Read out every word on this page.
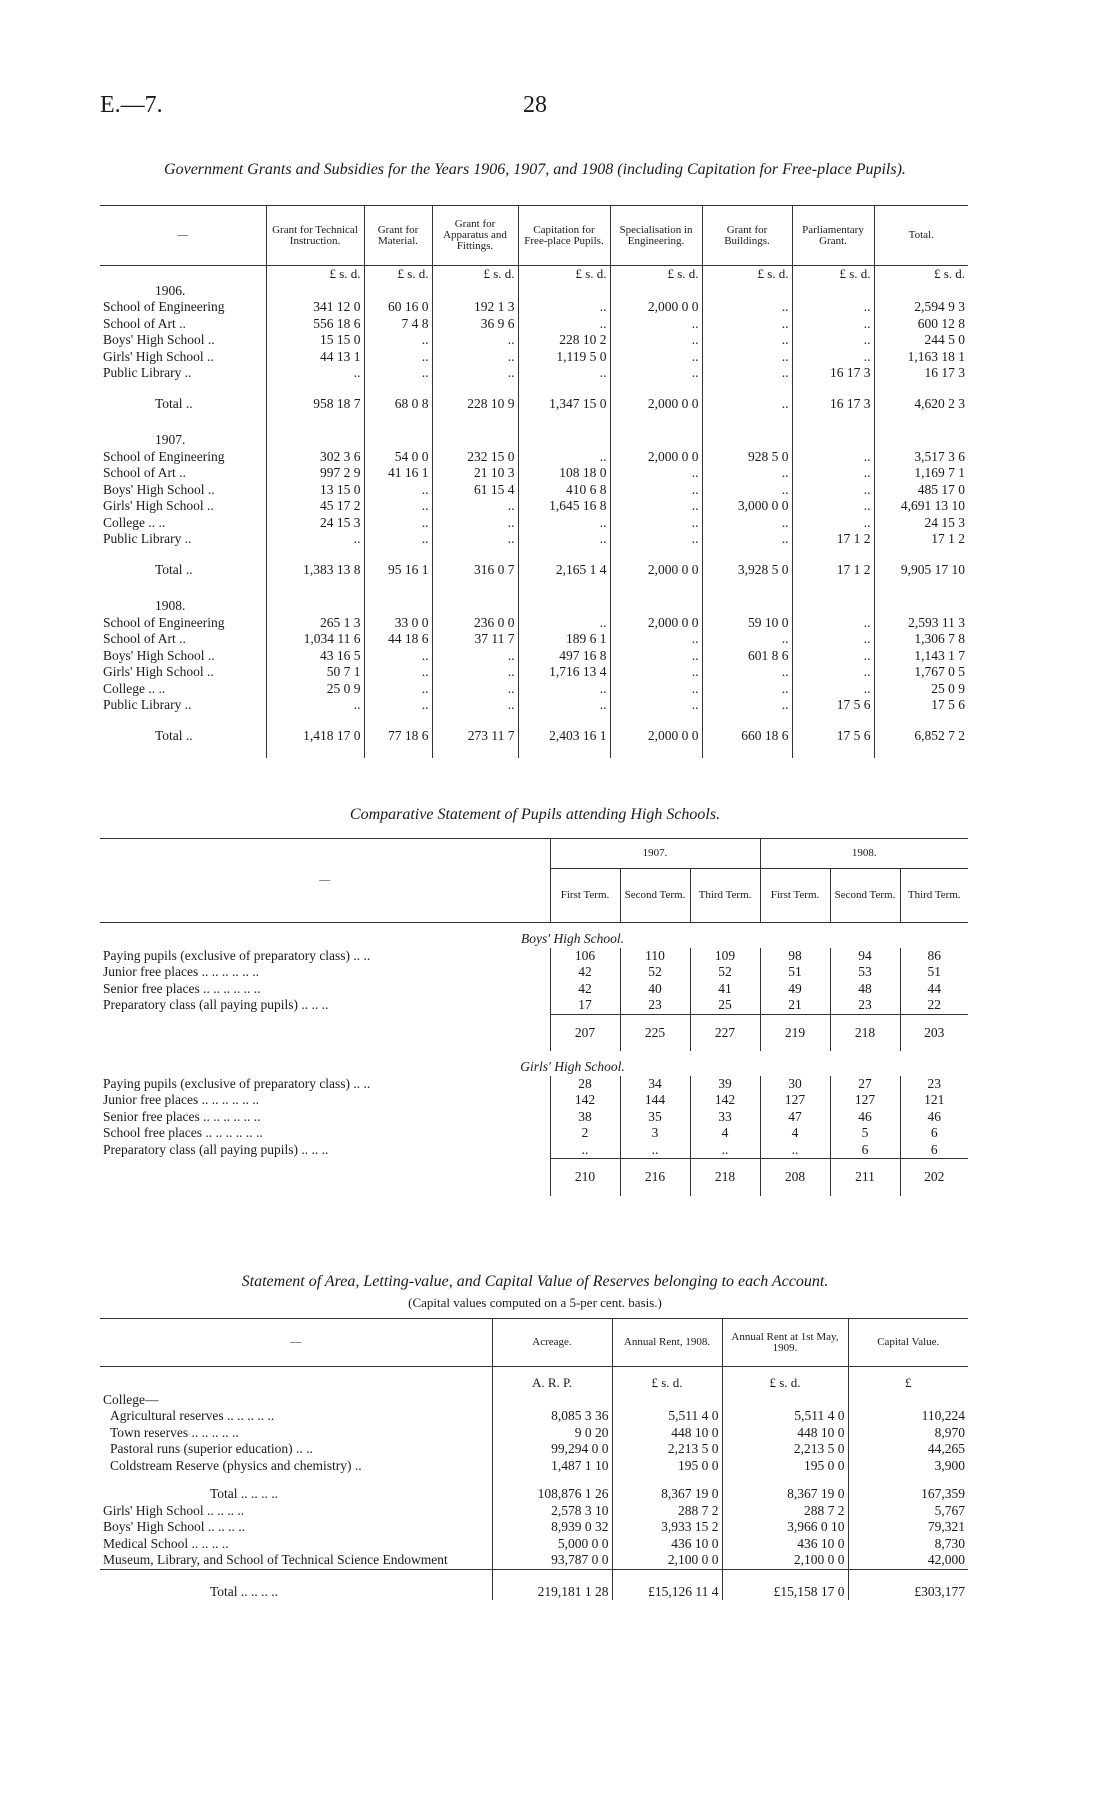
E.—7.	28
Government Grants and Subsidies for the Years 1906, 1907, and 1908 (including Capitation for Free-place Pupils).
—	Grant for Technical Instruction.	Grant for Material.	Grant for Apparatus and Fittings.	Capitation for Free-place Pupils.	Specialisation in Engineering.	Grant for Buildings.	Parliamentary Grant.	Total.
	£ s. d.	£ s. d.	£ s. d.	£ s. d.	£ s. d.	£ s. d.	£ s. d.	£ s. d.
1906.								
School of Engineering	341 12 0	60 16 0	192 1 3	..	2,000 0 0	..	..	2,594 9 3
School of Art ..	556 18 6	7 4 8	36 9 6	..	..	..	..	600 12 8
Boys' High School ..	15 15 0	..	..	228 10 2	..	..	..	244 5 0
Girls' High School ..	44 13 1	..	..	1,119 5 0	..	..	..	1,163 18 1
Public Library ..	..	..	..	..	..	..	16 17 3	16 17 3
Total ..	958 18 7	68 0 8	228 10 9	1,347 15 0	2,000 0 0	..	16 17 3	4,620 2 3
1907.								
School of Engineering	302 3 6	54 0 0	232 15 0	..	2,000 0 0	928 5 0	..	3,517 3 6
School of Art ..	997 2 9	41 16 1	21 10 3	108 18 0	..	..	..	1,169 7 1
Boys' High School ..	13 15 0	..	61 15 4	410 6 8	..	..	..	485 17 0
Girls' High School ..	45 17 2	..	..	1,645 16 8	..	3,000 0 0	..	4,691 13 10
College .. ..	24 15 3	..	..	..	..	..	..	24 15 3
Public Library ..	..	..	..	..	..	..	17 1 2	17 1 2
Total ..	1,383 13 8	95 16 1	316 0 7	2,165 1 4	2,000 0 0	3,928 5 0	17 1 2	9,905 17 10
1908.								
School of Engineering	265 1 3	33 0 0	236 0 0	..	2,000 0 0	59 10 0	..	2,593 11 3
School of Art ..	1,034 11 6	44 18 6	37 11 7	189 6 1	..	..	..	1,306 7 8
Boys' High School ..	43 16 5	..	..	497 16 8	..	601 8 6	..	1,143 1 7
Girls' High School ..	50 7 1	..	..	1,716 13 4	..	..	..	1,767 0 5
College .. ..	25 0 9	..	..	..	..	..	..	25 0 9
Public Library ..	..	..	..	..	..	..	17 5 6	17 5 6
Total ..	1,418 17 0	77 18 6	273 11 7	2,403 16 1	2,000 0 0	660 18 6	17 5 6	6,852 7 2
Comparative Statement of Pupils attending High Schools.
—	1907.			1908.		
	First Term.	Second Term.	Third Term.	First Term.	Second Term.	Third Term.
Boys' High School.						
Paying pupils (exclusive of preparatory class) .. ..	106	110	109	98	94	86
Junior free places .. .. .. .. .. ..	42	52	52	51	53	51
Senior free places .. .. .. .. .. ..	42	40	41	49	48	44
Preparatory class (all paying pupils) .. .. ..	17	23	25	21	23	22
	207	225	227	219	218	203
Girls' High School.						
Paying pupils (exclusive of preparatory class) .. ..	28	34	39	30	27	23
Junior free places .. .. .. .. .. ..	142	144	142	127	127	121
Senior free places .. .. .. .. .. ..	38	35	33	47	46	46
School free places .. .. .. .. .. ..	2	3	4	4	5	6
Preparatory class (all paying pupils) .. .. ..	..	..	..	..	6	6
	210	216	218	208	211	202
Statement of Area, Letting-value, and Capital Value of Reserves belonging to each Account.
(Capital values computed on a 5-per cent. basis.)
—	Acreage.	Annual Rent, 1908.	Annual Rent at 1st May, 1909.	Capital Value.
	A. R. P.	£ s. d.	£ s. d.	£
College—				
Agricultural reserves .. .. .. .. ..	8,085 3 36	5,511 4 0	5,511 4 0	110,224
Town reserves .. .. .. .. ..	9 0 20	448 10 0	448 10 0	8,970
Pastoral runs (superior education) .. ..	99,294 0 0	2,213 5 0	2,213 5 0	44,265
Coldstream Reserve (physics and chemistry) ..	1,487 1 10	195 0 0	195 0 0	3,900
Total .. .. .. ..	108,876 1 26	8,367 19 0	8,367 19 0	167,359
Girls' High School .. .. .. ..	2,578 3 10	288 7 2	288 7 2	5,767
Boys' High School .. .. .. ..	8,939 0 32	3,933 15 2	3,966 0 10	79,321
Medical School .. .. .. ..	5,000 0 0	436 10 0	436 10 0	8,730
Museum, Library, and School of Technical Science Endowment	93,787 0 0	2,100 0 0	2,100 0 0	42,000
Total .. .. .. ..	219,181 1 28	£15,126 11 4	£15,158 17 0	£303,177
